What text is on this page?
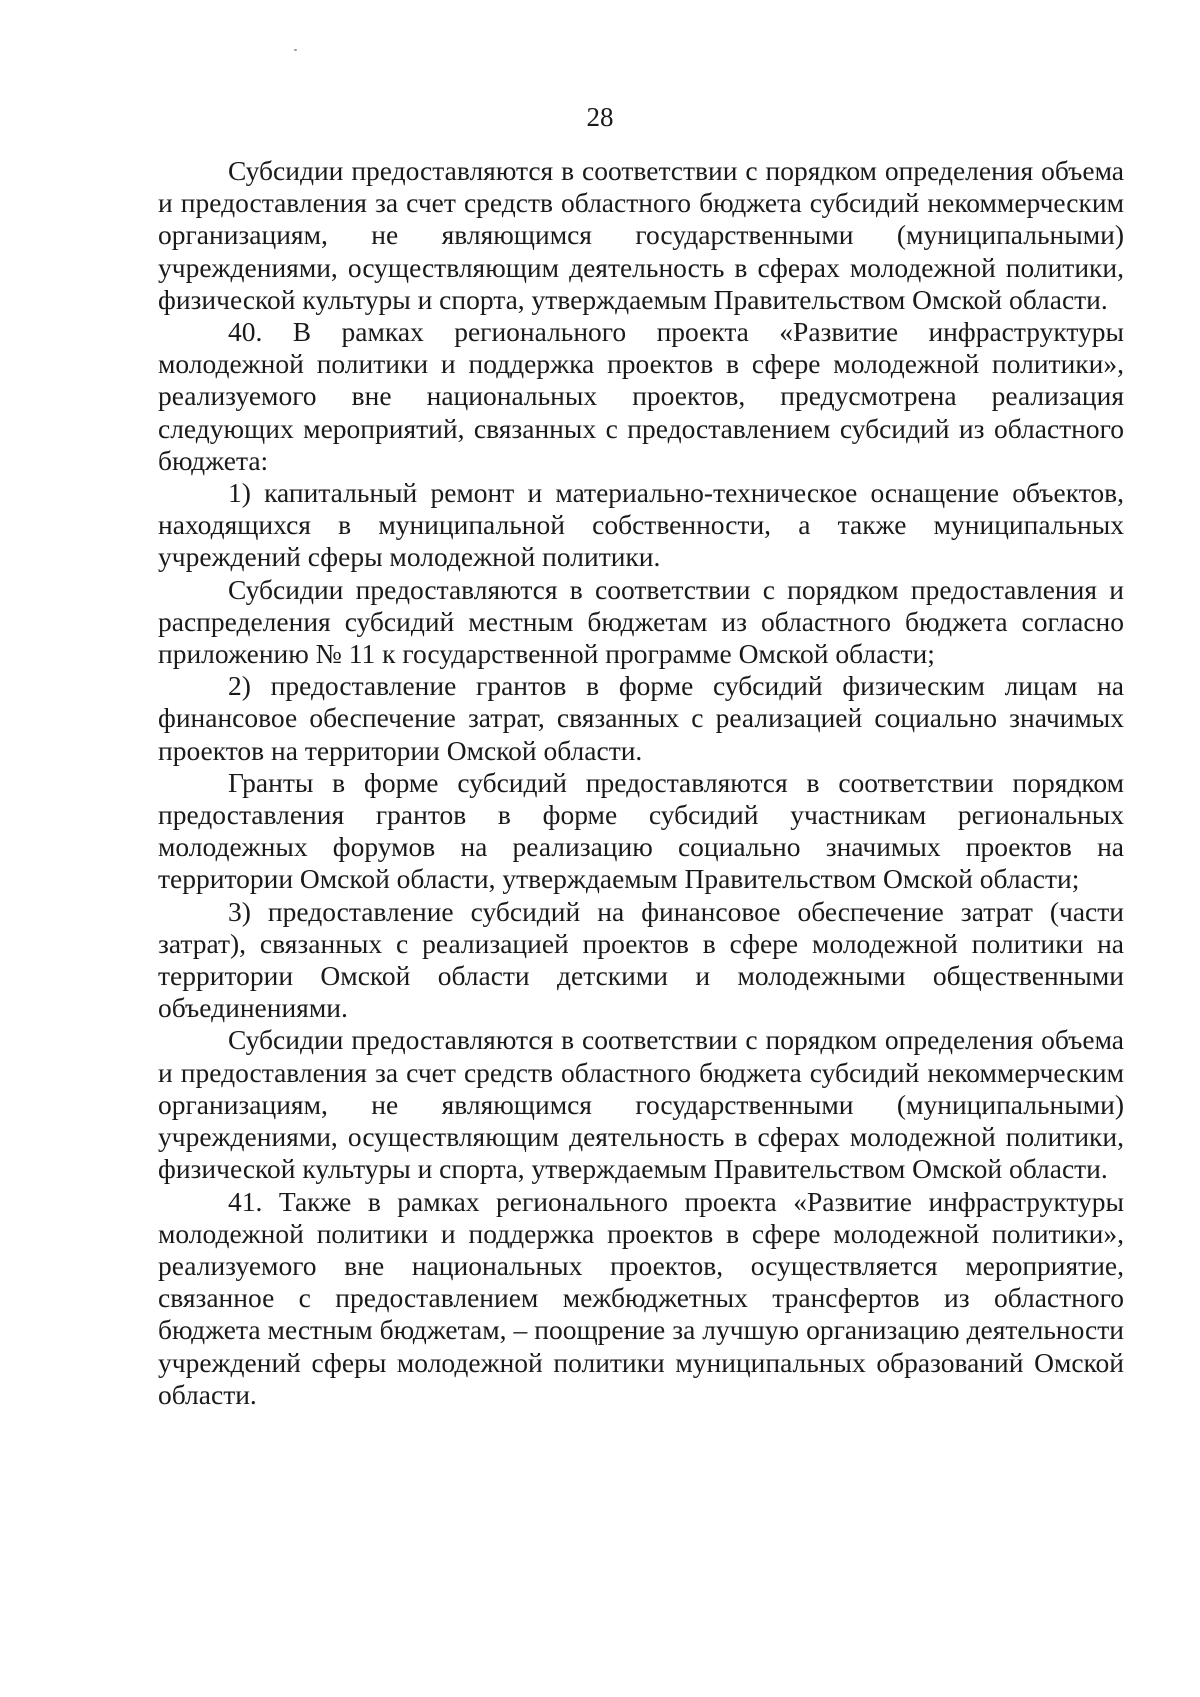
28

Субсидии предоставляются в соответствии с порядком определения объема и предоставления за счет средств областного бюджета субсидий некоммерческим организациям, не являющимся государственными (муниципальными) учреждениями, осуществляющим деятельность в сферах молодежной политики, физической культуры и спорта, утверждаемым Правительством Омской области.

40. В рамках регионального проекта «Развитие инфраструктуры молодежной политики и поддержка проектов в сфере молодежной политики», реализуемого вне национальных проектов, предусмотрена реализация следующих мероприятий, связанных с предоставлением субсидий из областного бюджета:

1) капитальный ремонт и материально-техническое оснащение объектов, находящихся в муниципальной собственности, а также муниципальных учреждений сферы молодежной политики.

Субсидии предоставляются в соответствии с порядком предоставления и распределения субсидий местным бюджетам из областного бюджета согласно приложению № 11 к государственной программе Омской области;

2) предоставление грантов в форме субсидий физическим лицам на финансовое обеспечение затрат, связанных с реализацией социально значимых проектов на территории Омской области.

Гранты в форме субсидий предоставляются в соответствии порядком предоставления грантов в форме субсидий участникам региональных молодежных форумов на реализацию социально значимых проектов на территории Омской области, утверждаемым Правительством Омской области;

3) предоставление субсидий на финансовое обеспечение затрат (части затрат), связанных с реализацией проектов в сфере молодежной политики на территории Омской области детскими и молодежными общественными объединениями.

Субсидии предоставляются в соответствии с порядком определения объема и предоставления за счет средств областного бюджета субсидий некоммерческим организациям, не являющимся государственными (муниципальными) учреждениями, осуществляющим деятельность в сферах молодежной политики, физической культуры и спорта, утверждаемым Правительством Омской области.

41. Также в рамках регионального проекта «Развитие инфраструктуры молодежной политики и поддержка проектов в сфере молодежной политики», реализуемого вне национальных проектов, осуществляется мероприятие, связанное с предоставлением межбюджетных трансфертов из областного бюджета местным бюджетам, – поощрение за лучшую организацию деятельности учреждений сферы молодежной политики муниципальных образований Омской области.
